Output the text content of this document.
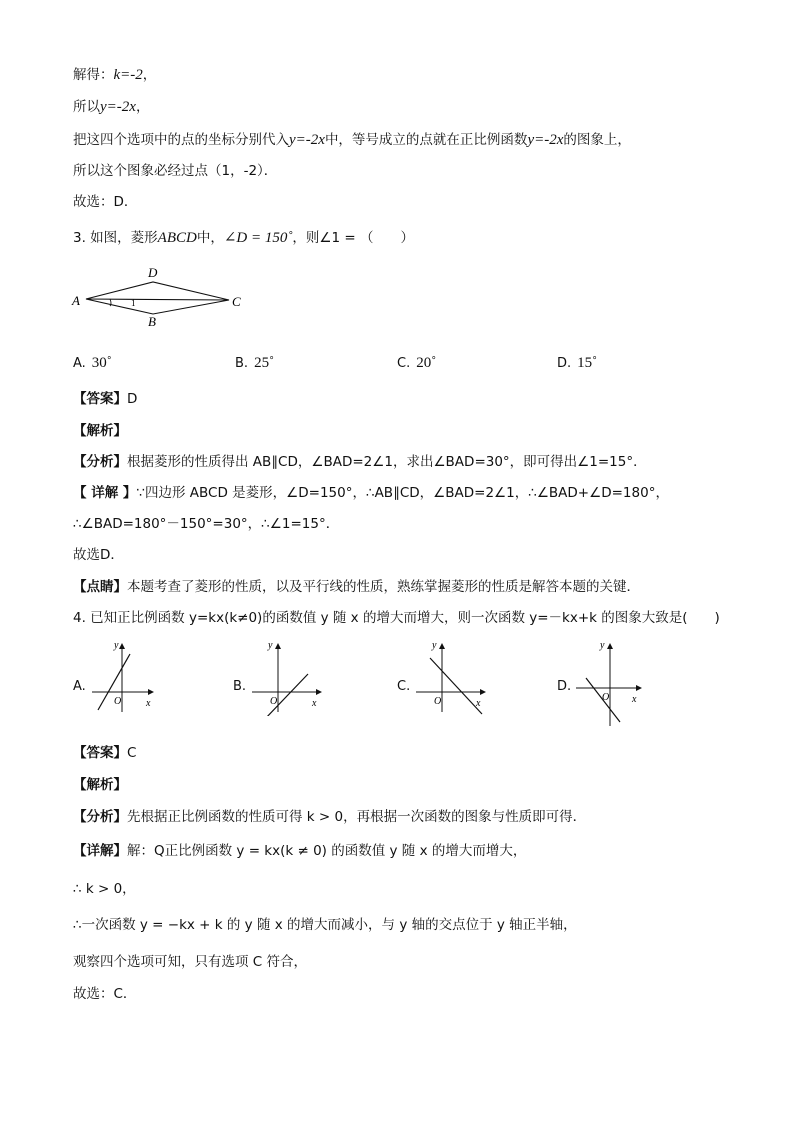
解得：k=-2，
所以y=-2x，
把这四个选项中的点的坐标分别代入y=-2x中，等号成立的点就在正比例函数y=-2x的图象上，
所以这个图象必经过点（1，-2）．
故选：D．
3. 如图，菱形ABCD中，∠D = 150˚，则∠1 = （　　）
A
D
C
B
1
A. 30˚	B. 25˚	C. 20˚	D. 15˚
【答案】D
【解析】
【分析】根据菱形的性质得出 AB∥CD，∠BAD=2∠1，求出∠BAD=30°，即可得出∠1=15°．
【 详解 】∵四边形 ABCD 是菱形，∠D=150°，∴AB∥CD，∠BAD=2∠1，∴∠BAD+∠D=180°，
∴∠BAD=180°－150°=30°，∴∠1=15°．
故选D．
【点睛】本题考查了菱形的性质，以及平行线的性质，熟练掌握菱形的性质是解答本题的关键．
4. 已知正比例函数 y=kx(k≠0)的函数值 y 随 x 的增大而增大，则一次函数 y=－kx+k 的图象大致是(　　)
A.
y
x
O
B.
y
x
O
C.
y
x
O
D.
y
x
O
【答案】C
【解析】
【分析】先根据正比例函数的性质可得 k > 0，再根据一次函数的图象与性质即可得．
【详解】解：Q正比例函数 y = kx(k ≠ 0) 的函数值 y 随 x 的增大而增大，
∴ k > 0，
∴一次函数 y = −kx + k 的 y 随 x 的增大而减小，与 y 轴的交点位于 y 轴正半轴，
观察四个选项可知，只有选项 C 符合，
故选：C．
